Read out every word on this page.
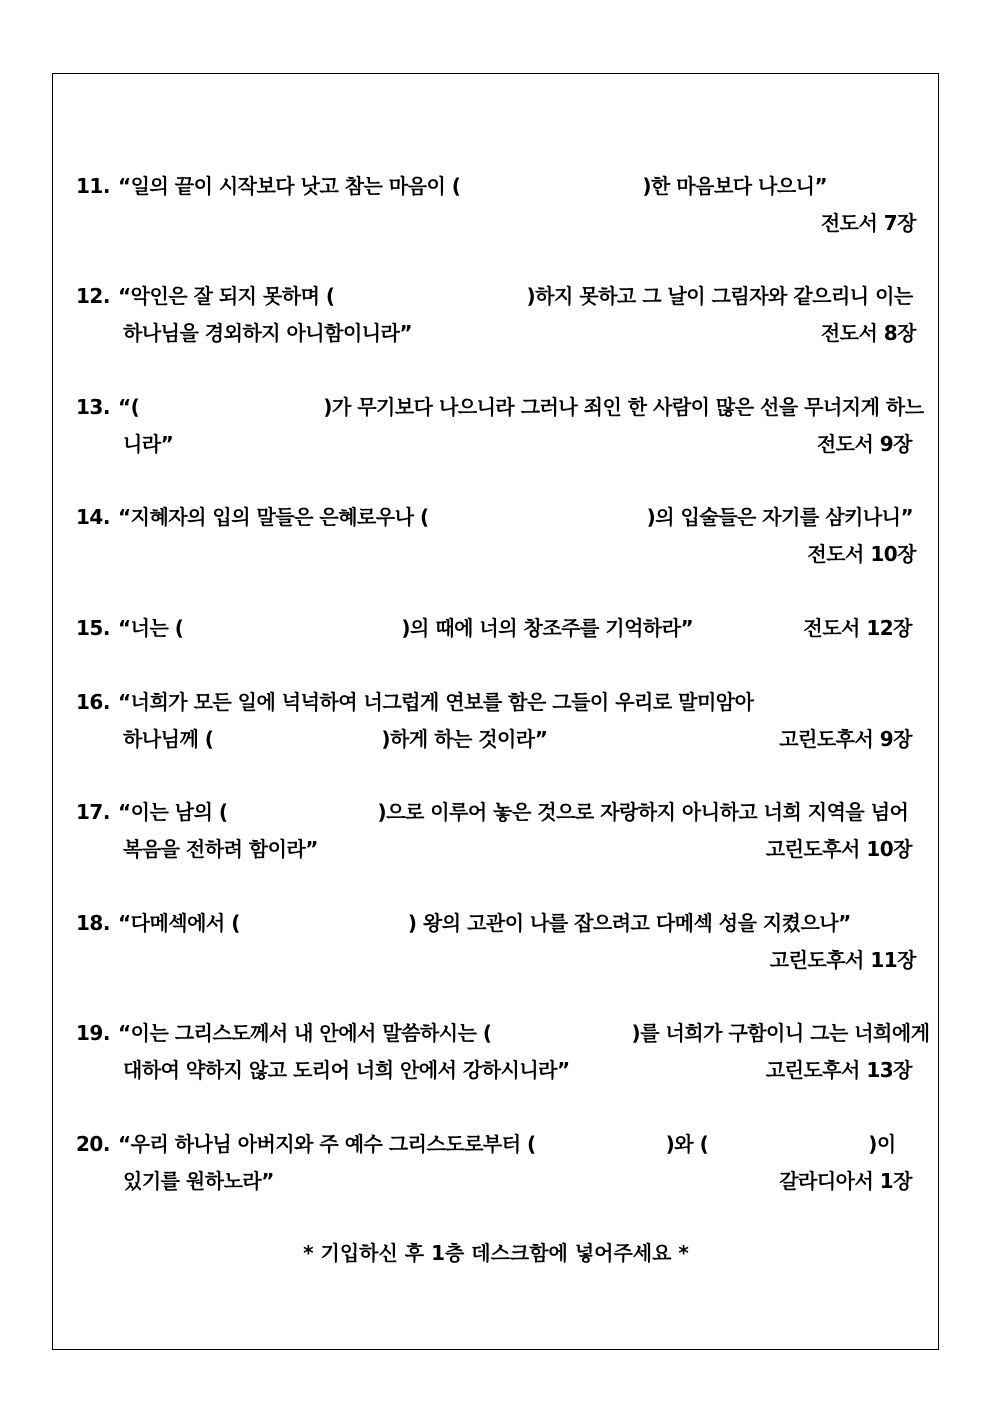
11. “일의 끝이 시작보다 낫고 참는 마음이 (	)한 마음보다 나으니”
전도서 7장
12. “악인은 잘 되지 못하며 (	)하지 못하고 그 날이 그림자와 같으리니 이는
하나님을 경외하지 아니함이니라”	전도서 8장
13. “(	)가 무기보다 나으니라 그러나 죄인 한 사람이 많은 선을 무너지게 하느
니라”	전도서 9장
14. “지혜자의 입의 말들은 은혜로우나 (	)의 입술들은 자기를 삼키나니”
전도서 10장
15. “너는 (	)의 때에 너의 창조주를 기억하라”	전도서 12장
16. “너희가 모든 일에 넉넉하여 너그럽게 연보를 함은 그들이 우리로 말미암아
하나님께 (	)하게 하는 것이라”	고린도후서 9장
17. “이는 남의 (	)으로 이루어 놓은 것으로 자랑하지 아니하고 너희 지역을 넘어
복음을 전하려 함이라”	고린도후서 10장
18. “다메섹에서 (	) 왕의 고관이 나를 잡으려고 다메섹 성을 지켰으나”
고린도후서 11장
19. “이는 그리스도께서 내 안에서 말씀하시는 (	)를 너희가 구함이니 그는 너희에게
대하여 약하지 않고 도리어 너희 안에서 강하시니라”	고린도후서 13장
20. “우리 하나님 아버지와 주 예수 그리스도로부터 (	)와 (	)이
있기를 원하노라”	갈라디아서 1장
* 기입하신 후 1층 데스크함에 넣어주세요 *
